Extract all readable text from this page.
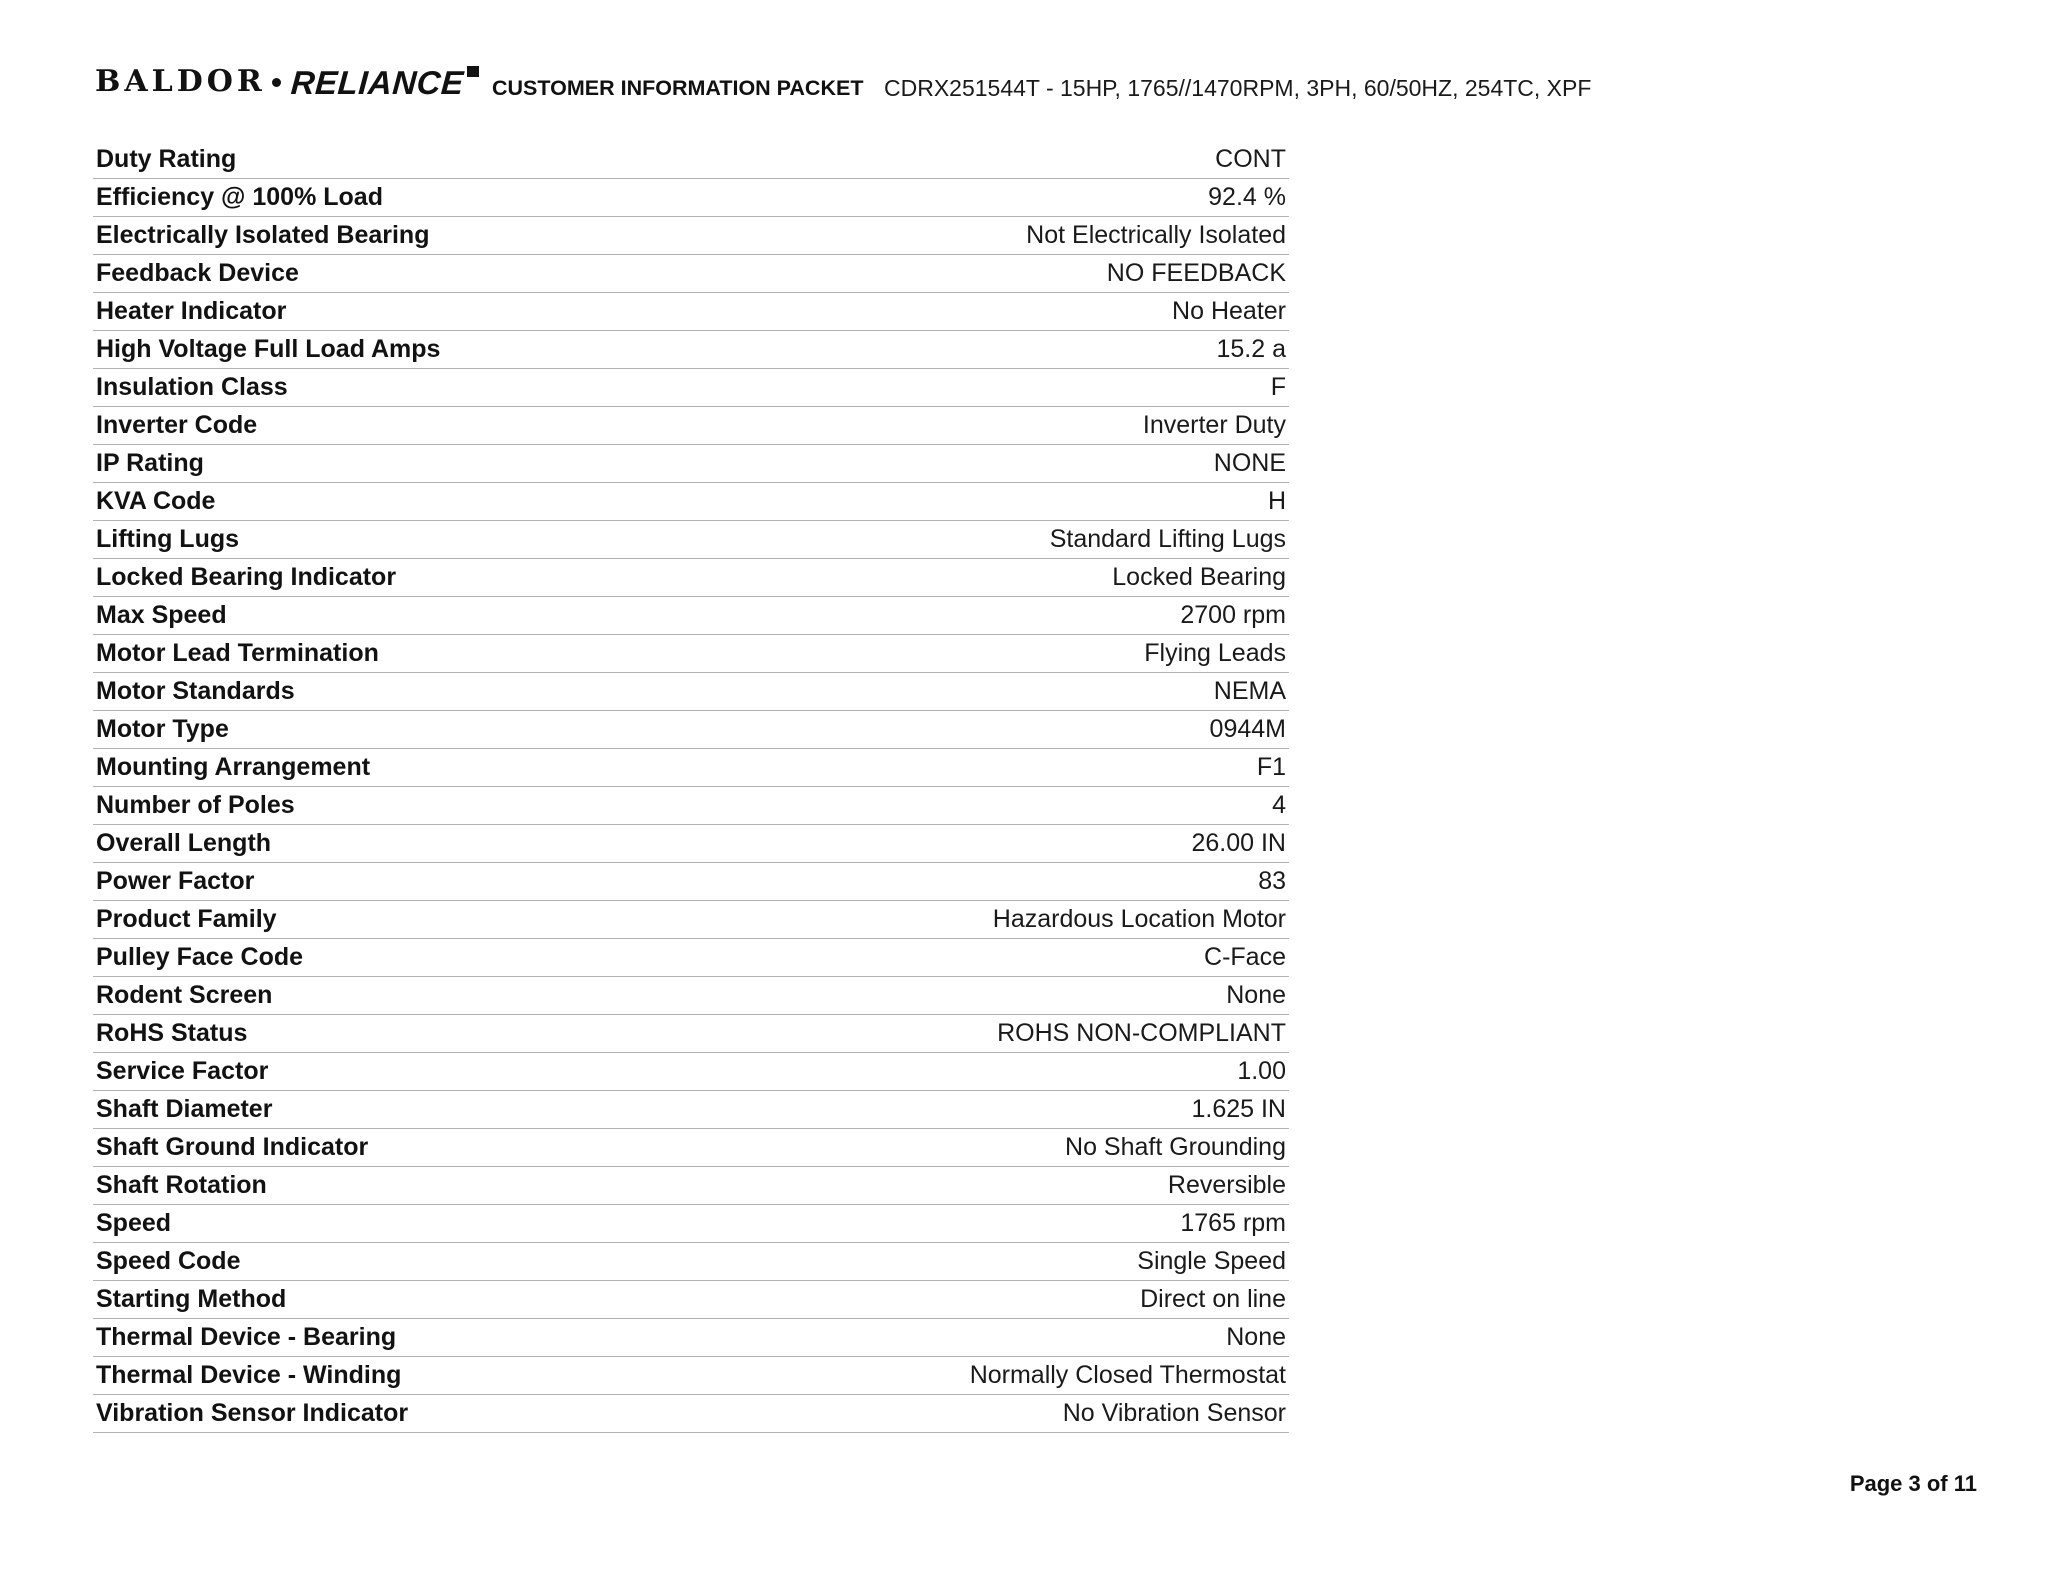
BALDOR RELIANCE CUSTOMER INFORMATION PACKET CDRX251544T - 15HP, 1765//1470RPM, 3PH, 60/50HZ, 254TC, XPF
Duty Rating	CONT
Efficiency @ 100% Load	92.4 %
Electrically Isolated Bearing	Not Electrically Isolated
Feedback Device	NO FEEDBACK
Heater Indicator	No Heater
High Voltage Full Load Amps	15.2 a
Insulation Class	F
Inverter Code	Inverter Duty
IP Rating	NONE
KVA Code	H
Lifting Lugs	Standard Lifting Lugs
Locked Bearing Indicator	Locked Bearing
Max Speed	2700 rpm
Motor Lead Termination	Flying Leads
Motor Standards	NEMA
Motor Type	0944M
Mounting Arrangement	F1
Number of Poles	4
Overall Length	26.00 IN
Power Factor	83
Product Family	Hazardous Location Motor
Pulley Face Code	C-Face
Rodent Screen	None
RoHS Status	ROHS NON-COMPLIANT
Service Factor	1.00
Shaft Diameter	1.625 IN
Shaft Ground Indicator	No Shaft Grounding
Shaft Rotation	Reversible
Speed	1765 rpm
Speed Code	Single Speed
Starting Method	Direct on line
Thermal Device - Bearing	None
Thermal Device - Winding	Normally Closed Thermostat
Vibration Sensor Indicator	No Vibration Sensor
Page 3 of 11
